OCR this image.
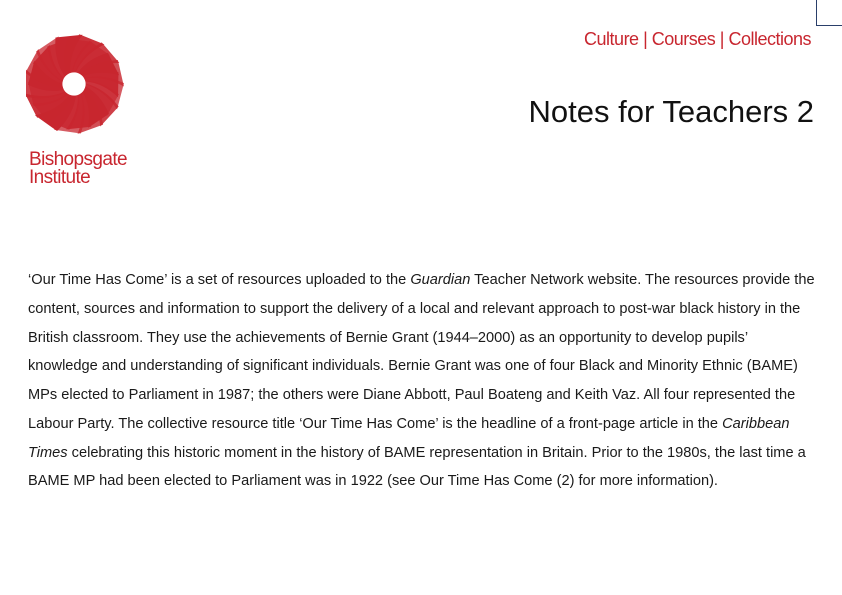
Bishopsgate
Institute
Culture | Courses | Collections
Notes for Teachers 2

‘Our Time Has Come’ is a set of resources uploaded to the Guardian Teacher Network website. The resources provide the content, sources and information to support the delivery of a local and relevant approach to post-war black history in the British classroom. They use the achievements of Bernie Grant (1944–2000) as an opportunity to develop pupils’ knowledge and understanding of significant individuals. Bernie Grant was one of four Black and Minority Ethnic (BAME) MPs elected to Parliament in 1987; the others were Diane Abbott, Paul Boateng and Keith Vaz. All four represented the Labour Party. The collective resource title ‘Our Time Has Come’ is the headline of a front-page article in the Caribbean Times celebrating this historic moment in the history of BAME representation in Britain. Prior to the 1980s, the last time a BAME MP had been elected to Parliament was in 1922 (see Our Time Has Come (2) for more information).
